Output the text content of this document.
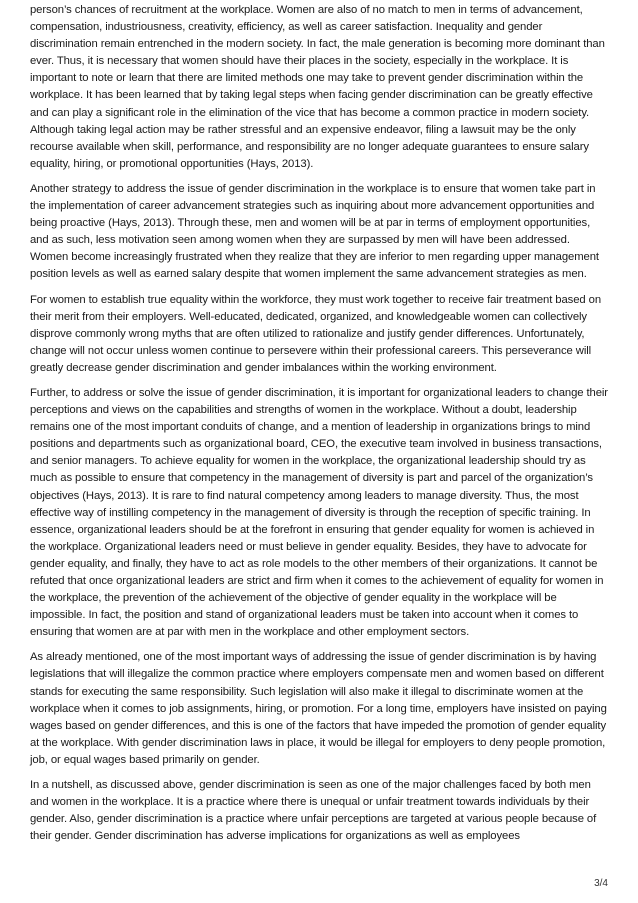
person’s chances of recruitment at the workplace. Women are also of no match to men in terms of advancement, compensation, industriousness, creativity, efficiency, as well as career satisfaction. Inequality and gender discrimination remain entrenched in the modern society. In fact, the male generation is becoming more dominant than ever. Thus, it is necessary that women should have their places in the society, especially in the workplace. It is important to note or learn that there are limited methods one may take to prevent gender discrimination within the workplace. It has been learned that by taking legal steps when facing gender discrimination can be greatly effective and can play a significant role in the elimination of the vice that has become a common practice in modern society. Although taking legal action may be rather stressful and an expensive endeavor, filing a lawsuit may be the only recourse available when skill, performance, and responsibility are no longer adequate guarantees to ensure salary equality, hiring, or promotional opportunities (Hays, 2013).

Another strategy to address the issue of gender discrimination in the workplace is to ensure that women take part in the implementation of career advancement strategies such as inquiring about more advancement opportunities and being proactive (Hays, 2013). Through these, men and women will be at par in terms of employment opportunities, and as such, less motivation seen among women when they are surpassed by men will have been addressed. Women become increasingly frustrated when they realize that they are inferior to men regarding upper management position levels as well as earned salary despite that women implement the same advancement strategies as men.

For women to establish true equality within the workforce, they must work together to receive fair treatment based on their merit from their employers. Well-educated, dedicated, organized, and knowledgeable women can collectively disprove commonly wrong myths that are often utilized to rationalize and justify gender differences. Unfortunately, change will not occur unless women continue to persevere within their professional careers. This perseverance will greatly decrease gender discrimination and gender imbalances within the working environment.

Further, to address or solve the issue of gender discrimination, it is important for organizational leaders to change their perceptions and views on the capabilities and strengths of women in the workplace. Without a doubt, leadership remains one of the most important conduits of change, and a mention of leadership in organizations brings to mind positions and departments such as organizational board, CEO, the executive team involved in business transactions, and senior managers. To achieve equality for women in the workplace, the organizational leadership should try as much as possible to ensure that competency in the management of diversity is part and parcel of the organization’s objectives (Hays, 2013). It is rare to find natural competency among leaders to manage diversity. Thus, the most effective way of instilling competency in the management of diversity is through the reception of specific training. In essence, organizational leaders should be at the forefront in ensuring that gender equality for women is achieved in the workplace. Organizational leaders need or must believe in gender equality. Besides, they have to advocate for gender equality, and finally, they have to act as role models to the other members of their organizations. It cannot be refuted that once organizational leaders are strict and firm when it comes to the achievement of equality for women in the workplace, the prevention of the achievement of the objective of gender equality in the workplace will be impossible. In fact, the position and stand of organizational leaders must be taken into account when it comes to ensuring that women are at par with men in the workplace and other employment sectors.

As already mentioned, one of the most important ways of addressing the issue of gender discrimination is by having legislations that will illegalize the common practice where employers compensate men and women based on different stands for executing the same responsibility. Such legislation will also make it illegal to discriminate women at the workplace when it comes to job assignments, hiring, or promotion. For a long time, employers have insisted on paying wages based on gender differences, and this is one of the factors that have impeded the promotion of gender equality at the workplace. With gender discrimination laws in place, it would be illegal for employers to deny people promotion, job, or equal wages based primarily on gender.

In a nutshell, as discussed above, gender discrimination is seen as one of the major challenges faced by both men and women in the workplace. It is a practice where there is unequal or unfair treatment towards individuals by their gender. Also, gender discrimination is a practice where unfair perceptions are targeted at various people because of their gender. Gender discrimination has adverse implications for organizations as well as employees

3/4
